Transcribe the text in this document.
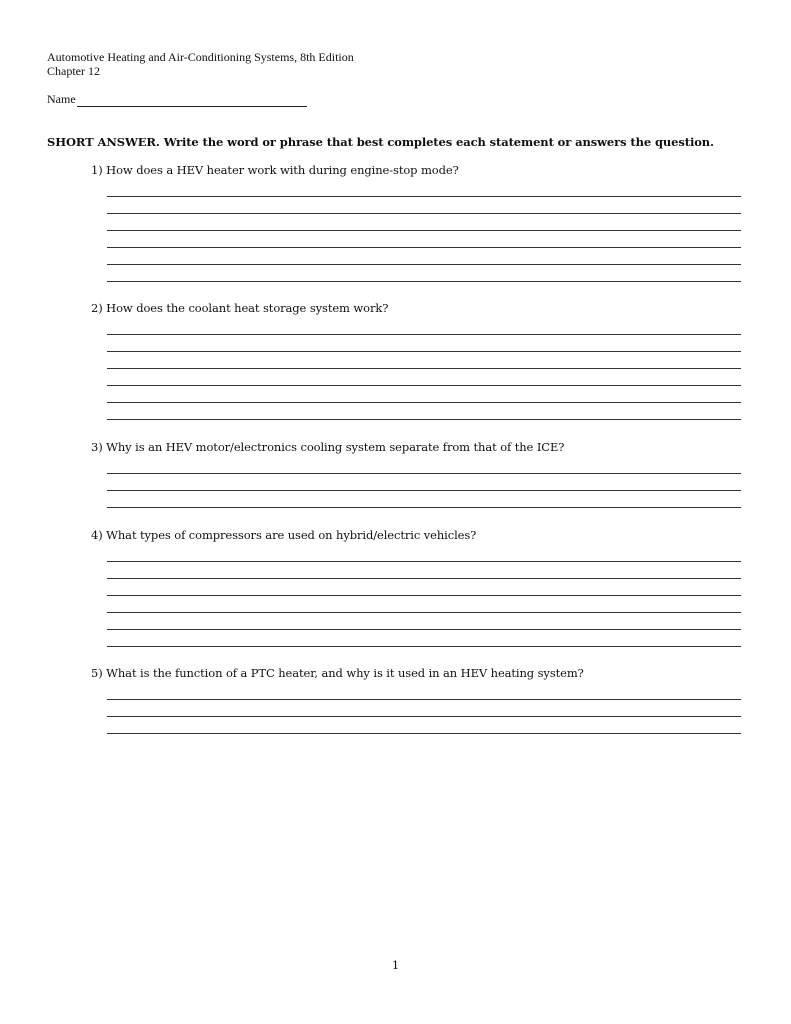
Automotive Heating and Air-Conditioning Systems, 8th Edition
Chapter 12
Name
SHORT ANSWER. Write the word or phrase that best completes each statement or answers the question.
1) How does a HEV heater work with during engine-stop mode?
2) How does the coolant heat storage system work?
3) Why is an HEV motor/electronics cooling system separate from that of the ICE?
4) What types of compressors are used on hybrid/electric vehicles?
5) What is the function of a PTC heater, and why is it used in an HEV heating system?
1
